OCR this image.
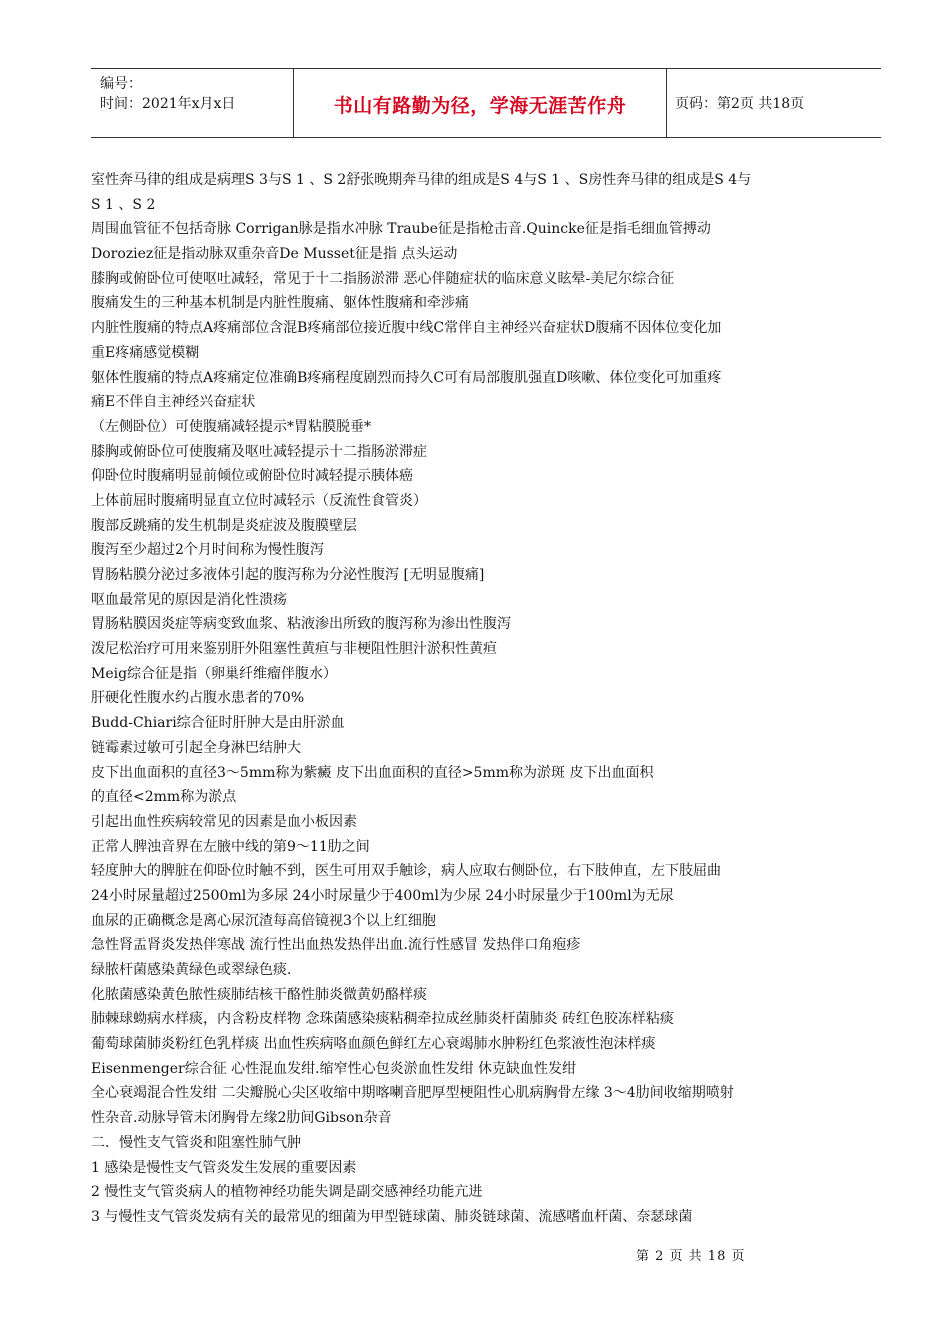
编号：
时间：2021年x月x日	书山有路勤为径，学海无涯苦作舟	页码：第2页 共18页
室性奔马律的组成是病理S 3与S 1 、S 2舒张晚期奔马律的组成是S 4与S 1 、S房性奔马律的组成是S 4与
S 1 、S 2
周围血管征不包括奇脉 Corrigan脉是指水冲脉 Traube征是指枪击音.Quincke征是指毛细血管搏动
Doroziez征是指动脉双重杂音De Musset征是指 点头运动
膝胸或俯卧位可使呕吐减轻，常见于十二指肠淤滞 恶心伴随症状的临床意义眩晕-美尼尔综合征
腹痛发生的三种基本机制是内脏性腹痛、躯体性腹痛和牵涉痛
内脏性腹痛的特点A疼痛部位含混B疼痛部位接近腹中线C常伴自主神经兴奋症状D腹痛不因体位变化加
重E疼痛感觉模糊
躯体性腹痛的特点A疼痛定位准确B疼痛程度剧烈而持久C可有局部腹肌强直D咳嗽、体位变化可加重疼
痛E不伴自主神经兴奋症状
（左侧卧位）可使腹痛减轻提示*胃粘膜脱垂*
膝胸或俯卧位可使腹痛及呕吐减轻提示十二指肠淤滞症
仰卧位时腹痛明显前倾位或俯卧位时减轻提示胰体癌
上体前屈时腹痛明显直立位时减轻示（反流性食管炎）
腹部反跳痛的发生机制是炎症波及腹膜壁层
腹泻至少超过2个月时间称为慢性腹泻
胃肠粘膜分泌过多液体引起的腹泻称为分泌性腹泻 [无明显腹痛]
呕血最常见的原因是消化性溃疡
胃肠粘膜因炎症等病变致血浆、粘液渗出所致的腹泻称为渗出性腹泻
泼尼松治疗可用来鉴别肝外阻塞性黄疸与非梗阻性胆汁淤积性黄疸
Meig综合征是指（卵巢纤维瘤伴腹水）
肝硬化性腹水约占腹水患者的70%
Budd-Chiari综合征时肝肿大是由肝淤血
链霉素过敏可引起全身淋巴结肿大
皮下出血面积的直径3～5mm称为紫癜 皮下出血面积的直径>5mm称为淤斑 皮下出血面积
的直径<2mm称为淤点
引起出血性疾病较常见的因素是血小板因素
正常人脾浊音界在左腋中线的第9～11肋之间
轻度肿大的脾脏在仰卧位时触不到，医生可用双手触诊，病人应取右侧卧位，右下肢伸直，左下肢屈曲
24小时尿量超过2500ml为多尿 24小时尿量少于400ml为少尿 24小时尿量少于100ml为无尿
血尿的正确概念是离心尿沉渣每高倍镜视3个以上红细胞
急性肾盂肾炎发热伴寒战 流行性出血热发热伴出血.流行性感冒 发热伴口角疱疹
绿脓杆菌感染黄绿色或翠绿色痰.
化脓菌感染黄色脓性痰肺结核干酪性肺炎微黄奶酪样痰
肺棘球蚴病水样痰，内含粉皮样物 念珠菌感染痰粘稠牵拉成丝肺炎杆菌肺炎 砖红色胶冻样粘痰
葡萄球菌肺炎粉红色乳样痰 出血性疾病咯血颜色鲜红左心衰竭肺水肿粉红色浆液性泡沫样痰
Eisenmenger综合征 心性混血发绀.缩窄性心包炎淤血性发绀 休克缺血性发绀
全心衰竭混合性发绀 二尖瓣脱心尖区收缩中期喀喇音肥厚型梗阻性心肌病胸骨左缘 3～4肋间收缩期喷射
性杂音.动脉导管未闭胸骨左缘2肋间Gibson杂音
二．慢性支气管炎和阻塞性肺气肿
1 感染是慢性支气管炎发生发展的重要因素
2 慢性支气管炎病人的植物神经功能失调是副交感神经功能亢进
3 与慢性支气管炎发病有关的最常见的细菌为甲型链球菌、肺炎链球菌、流感嗜血杆菌、奈瑟球菌
第 2 页 共 18 页
